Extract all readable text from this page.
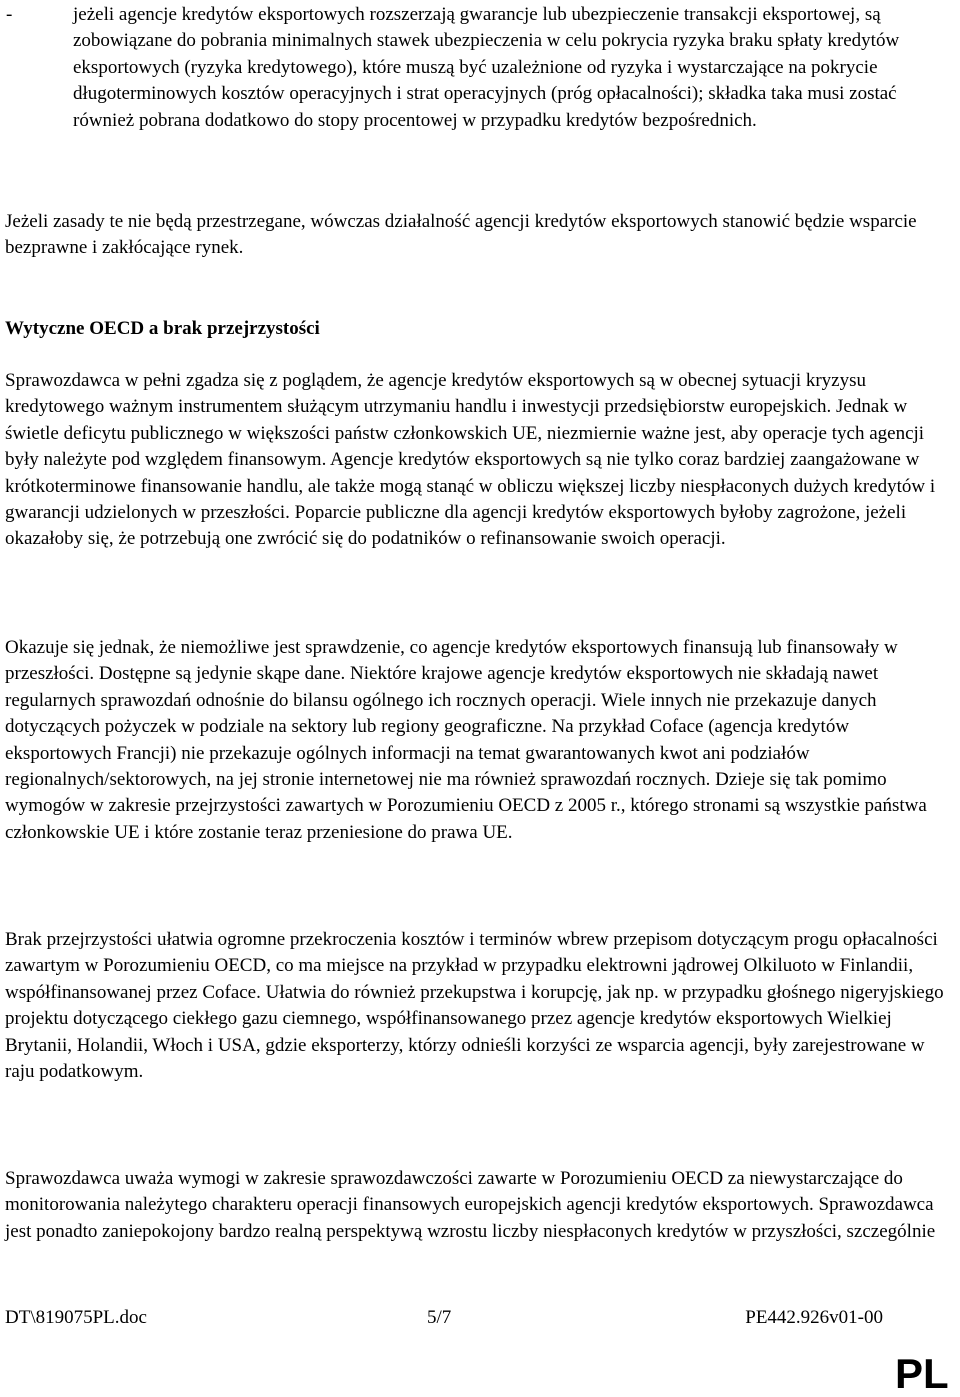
-	jeżeli agencje kredytów eksportowych rozszerzają gwarancje lub ubezpieczenie transakcji eksportowej, są zobowiązane do pobrania minimalnych stawek ubezpieczenia w celu pokrycia ryzyka braku spłaty kredytów eksportowych (ryzyka kredytowego), które muszą być uzależnione od ryzyka i wystarczające na pokrycie długoterminowych kosztów operacyjnych i strat operacyjnych (próg opłacalności); składka taka musi zostać również pobrana dodatkowo do stopy procentowej w przypadku kredytów bezpośrednich.

Jeżeli zasady te nie będą przestrzegane, wówczas działalność agencji kredytów eksportowych stanowić będzie wsparcie bezprawne i zakłócające rynek.

Wytyczne OECD a brak przejrzystości

Sprawozdawca w pełni zgadza się z poglądem, że agencje kredytów eksportowych są w obecnej sytuacji kryzysu kredytowego ważnym instrumentem służącym utrzymaniu handlu i inwestycji przedsiębiorstw europejskich. Jednak w świetle deficytu publicznego w większości państw członkowskich UE, niezmiernie ważne jest, aby operacje tych agencji były należyte pod względem finansowym. Agencje kredytów eksportowych są nie tylko coraz bardziej zaangażowane w krótkoterminowe finansowanie handlu, ale także mogą stanąć w obliczu większej liczby niespłaconych dużych kredytów i gwarancji udzielonych w przeszłości. Poparcie publiczne dla agencji kredytów eksportowych byłoby zagrożone, jeżeli okazałoby się, że potrzebują one zwrócić się do podatników o refinansowanie swoich operacji.

Okazuje się jednak, że niemożliwe jest sprawdzenie, co agencje kredytów eksportowych finansują lub finansowały w przeszłości. Dostępne są jedynie skąpe dane. Niektóre krajowe agencje kredytów eksportowych nie składają nawet regularnych sprawozdań odnośnie do bilansu ogólnego ich rocznych operacji. Wiele innych nie przekazuje danych dotyczących pożyczek w podziale na sektory lub regiony geograficzne. Na przykład Coface (agencja kredytów eksportowych Francji) nie przekazuje ogólnych informacji na temat gwarantowanych kwot ani podziałów regionalnych/sektorowych, na jej stronie internetowej nie ma również sprawozdań rocznych. Dzieje się tak pomimo wymogów w zakresie przejrzystości zawartych w Porozumieniu OECD z 2005 r., którego stronami są wszystkie państwa członkowskie UE i które zostanie teraz przeniesione do prawa UE.

Brak przejrzystości ułatwia ogromne przekroczenia kosztów i terminów wbrew przepisom dotyczącym progu opłacalności zawartym w Porozumieniu OECD, co ma miejsce na przykład w przypadku elektrowni jądrowej Olkiluoto w Finlandii, współfinansowanej przez Coface. Ułatwia do również przekupstwa i korupcję, jak np. w przypadku głośnego nigeryjskiego projektu dotyczącego ciekłego gazu ciemnego, współfinansowanego przez agencje kredytów eksportowych Wielkiej Brytanii, Holandii, Włoch i USA, gdzie eksporterzy, którzy odnieśli korzyści ze wsparcia agencji, były zarejestrowane w raju podatkowym.

Sprawozdawca uważa wymogi w zakresie sprawozdawczości zawarte w Porozumieniu OECD za niewystarczające do monitorowania należytego charakteru operacji finansowych europejskich agencji kredytów eksportowych. Sprawozdawca jest ponadto zaniepokojony bardzo realną perspektywą wzrostu liczby niespłaconych kredytów w przyszłości, szczególnie

DT\819075PL.doc	5/7	PE442.926v01-00
PL
